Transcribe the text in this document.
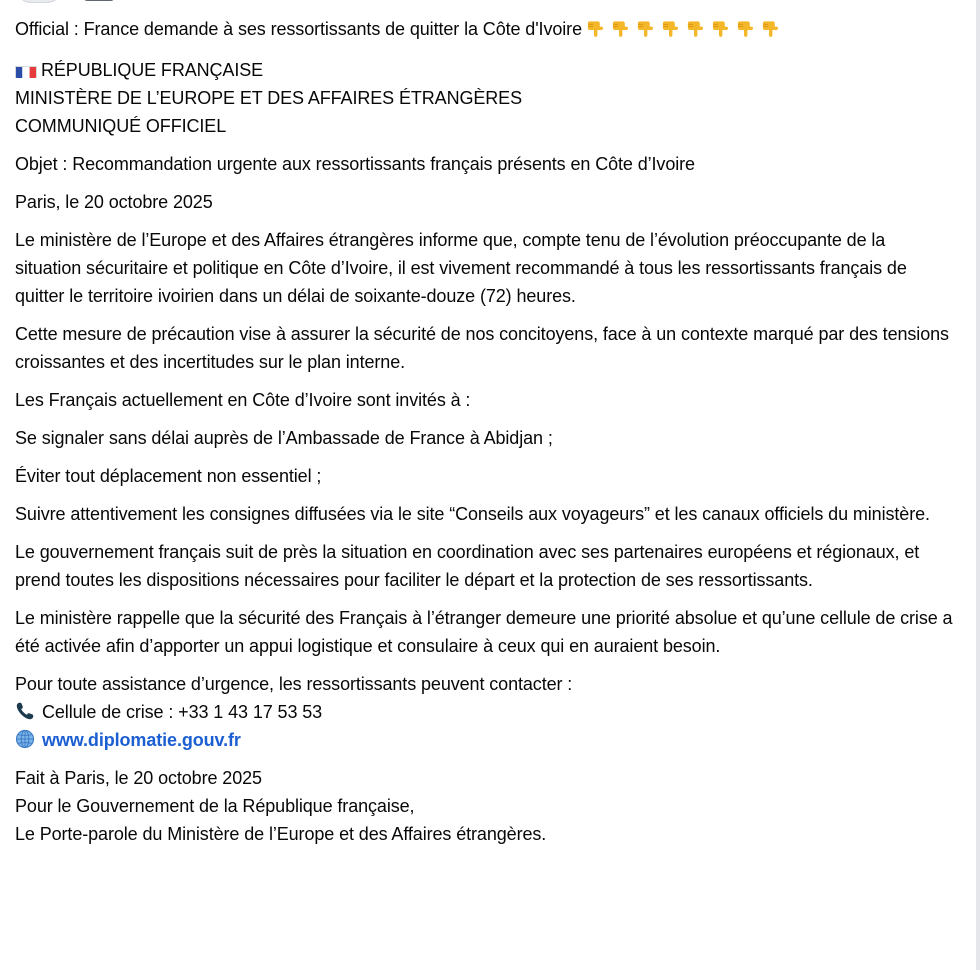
Official : France demande à ses ressortissants de quitter la Côte d'Ivoire

RÉPUBLIQUE FRANÇAISE
MINISTÈRE DE L’EUROPE ET DES AFFAIRES ÉTRANGÈRES
COMMUNIQUÉ OFFICIEL

Objet : Recommandation urgente aux ressortissants français présents en Côte d’Ivoire

Paris, le 20 octobre 2025

Le ministère de l’Europe et des Affaires étrangères informe que, compte tenu de l’évolution préoccupante de la situation sécuritaire et politique en Côte d’Ivoire, il est vivement recommandé à tous les ressortissants français de quitter le territoire ivoirien dans un délai de soixante-douze (72) heures.

Cette mesure de précaution vise à assurer la sécurité de nos concitoyens, face à un contexte marqué par des tensions croissantes et des incertitudes sur le plan interne.

Les Français actuellement en Côte d’Ivoire sont invités à :

Se signaler sans délai auprès de l’Ambassade de France à Abidjan ;

Éviter tout déplacement non essentiel ;

Suivre attentivement les consignes diffusées via le site “Conseils aux voyageurs” et les canaux officiels du ministère.

Le gouvernement français suit de près la situation en coordination avec ses partenaires européens et régionaux, et prend toutes les dispositions nécessaires pour faciliter le départ et la protection de ses ressortissants.

Le ministère rappelle que la sécurité des Français à l’étranger demeure une priorité absolue et qu’une cellule de crise a été activée afin d’apporter un appui logistique et consulaire à ceux qui en auraient besoin.

Pour toute assistance d’urgence, les ressortissants peuvent contacter :
Cellule de crise : +33 1 43 17 53 53
www.diplomatie.gouv.fr

Fait à Paris, le 20 octobre 2025
Pour le Gouvernement de la République française,
Le Porte-parole du Ministère de l’Europe et des Affaires étrangères.
